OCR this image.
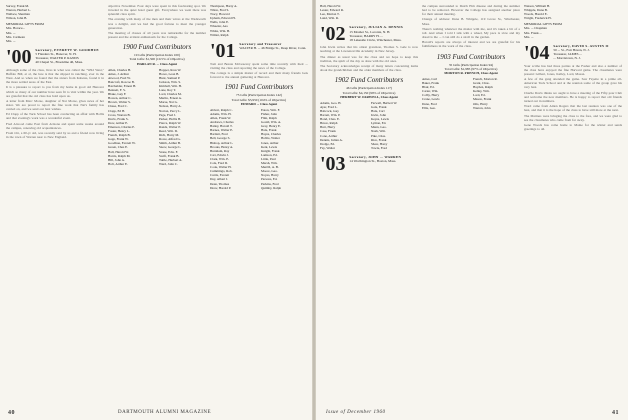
Survey, Frank M.
Warren, Herbert L.
Wallace, Sherman
Wilson, John B.
MEMORIAL GIFTS FROM
Mrs. Horace...
Mrs. ...
Mrs. Carmean
Mrs. ...
'00 Secretary, EVERETT W. GOODHUE
5 Flanders St., Hanover, N. H.
Treasurer, WALTER P. RANDS
40 Chapel St., Brookline 46, Mass.

Although some of the class, lives in what was called the "Wild West," Buffalo Bill, et al, the lure is that the slipped in ranching, ever in the West. And so when we found that the sisters from Kabetes, found it in the more settled areas of the East.

It is a pleasure to report to you from my home in good old Hanover which so many of our number have seen fit to visit within the year. We are grateful that the old class has hold upon us.

A letter from Marc Morse, daughter of Nat Morse, gives news of her sister. We are proud to report the fine work that Nat's family has carried on, and we send our best wishes.

Ed Clapp of the Tuck School has been conducting an affair with Hollis and that evening's work was a wonderful event.

Fred Atwood came East from Arizona and spent some weeks around the campus, renewing old acquaintances.

From Orr, a 60-yr old, was recently said by us and a friend now living in the town of Warren near to New England.

objective November. Four days were spent in this fascinating spot. We traveled in the quiet hotel guest gift. Everywhere we went there was splendid class spirit.

The evening with many of the men and their wives at the Wadsworth was a delight, and we had the good fortune to meet the younger generation.

The meeting of classes of all years was remarkable for the number present and the evident enthusiasm for the College.

1900 Fund Contributors
19 Gifts (Participation Index 100)
Total Gifts: $1,500 (10.5% of Objective)
HARLAN R. ... Class Agent
Allen, Charles H.
Ames, J. Arthur
Atwood, Fred W.
Bancroft, Roscoe B.
Batchelder, Ernest H.
Bennett, F. S.
Blake, Guy F.
Bowen, Arthur C.
Brown, Walter S.
Chase, Fred C.
Clapp, Ed H.
Cross, Warren B.
Davis, Frank S.
Dow, Arthur E.
Emerson, Charles P.
Foster, Henry L.
French, Ralph B.
Gage, Frank W.
Goodhue, Everett W.
Green, Chas E.
Hall, Harold W.
Harris, Ralph M.
Hill, John A.
Holt, Arthur E.
Hopper, Ross W.
Howe, Leon B.
Hunt, Samuel P.
Jackson, Wm. S.
Kimball, Wm. H.
Lane, Roy T.
Lord, Charles M.
Martin, Ernest A.
Morse, Nat G.
Nelson, Harry A.
Norton, Percy L.
Page, Fred J.
Parker, Hollis B.
Pierce, Ralph W.
Rands, Walter P.
Reed, Wm. D.
Rich, Harry M.
Rowe, Alfred G.
Smith, Arthur B.
Snow, George L.
Stone, Edw. F.
Swift, Frank B.
Tuttle, Herbert A.
Ward, John C.
Thompson, Harry A.
Tilton, Fred S.
Tracy, Howard
Upham, Edward H.
Wells, John E.
Wheeler, Asa
White, Wm. B.
Wilder, Ralph
'01 Secretary and Treasurer
WALTER H. ... 46 Bridge St., Deep River, Conn.

Tom and Bessie McGreevey spent some time recently with their ... visiting the class and reporting the news of the College.

The cottage is a simple matter of record and their many friends look forward to the annual gathering at Hanover.

1901 Fund Contributors
75 Gifts (Participation Index 142)
Total Gifts: $5,950 (104% of Objective)
EDWARD ... Class Agent
Abbott, Ralph C.
Adams, Wm. H.
Allen, Frank W.
Andrews, Charles
Bailey, Harold T.
Barnes, Walter E.
Bartlett, Fred
Bell, George S.
Bishop, Arthur L.
Brooks, Henry A.
Burnham, Ray
Carr, Edwin J.
Clark, Wm. E.
Cole, Fred D.
Cook, Walter H.
Cummings, Rob.
Curtis, Everett
Day, Albert J.
Dean, Thomas
Drew, Harold P.
Eaton, Wm. F.
Fisher, John
Flint, Ralph
Gould, Wm. A.
Gray, Henry E.
Hale, Frank
Hayes, Charles
Hobbs, Walter
Jones, Arthur
Kent, Lewis
Knight, Frank
Lamson, Ed.
Little, Paul
Marsh, Wm.
Merrill, A. B.
Moore, Geo.
Noyes, Harry
Parsons, Ed.
Perkins, Fred
Quimby, Ralph
40	DARTMOUTH ALUMNI MAGAZINE
Hall, Harold W.
Lester, Edward R.
Lee, Marion T.
Lund, Wm. R.
'02 Secretary, JULIAN A. DENNIS
15 Mosher St., Laconia, N. H.
Treasurer, HARRY H. ...
18 Lakeside Circle, Winchester, Mass.

John Irwin writes that his oldest grandson, Thomas S. Gale is now teaching at the Lawrenceville Academy in New Jersey.

The dinner as usual was for the class and we hope to keep this tradition, the spirit of the day as done with the old ones.

The Secretary acknowledges receipt of many letters concerning items about the grandchildren and the older members of the class.

1902 Fund Contributors
46 Gifts (Participation Index 117)
Total Gifts: $4,150 (99% of Objective)
HERBERT W. FARWELL, Class Agent
Adams, Geo. H.
Ayer, Fred L.
Babcock, Guy
Barrett, Wm. P.
Bond, Chas. E.
Bruce, Ralph
Burt, Harry
Case, Frank
Cone, Arthur
Dennis, Julian A.
Dodge, Ed.
Fay, Walter
Farwell, Herbert W.
Gale, Frank
Hale, Carl
Irwin, John
Keyes, Lewis
Lyman, Ed.
Mann, Geo.
Nash, Wm.
Pike, Chas.
Rice, Frank
Shaw, Harry
Towle, Fred
'03 Secretary, JOHN ... WARREN
14 Worthington St., Boston, Mass.

the campus surrounded to Dutch Elm disease and during the summer had to be removed. However the College has assigned another place for their annual meeting.

Change of address: Dana B. Whipple, 119 Grove St., Winchester, Mass.

There's nothing whatever the matter with me, and it's taken a bit of a toll. And when I told I talk with a wheel, My pace is slow and my dread is the ... I can still do a stroll in the garden.

Harold's reports are always of interest and we are grateful for his faithfulness in the work of the class.

1903 Fund Contributors
35 Gifts (Participation Index 94)
Total Gifts: $1,985 (97% of Objective)
MORTON R. FRENCH, Class Agent
Ames, Carl
Baker, Frank
Blair, Ed.
Carter, Wm.
Colby, Harry
Crane, Lewis
Dana, Fred
Ellis, Geo.
French, Morton R.
Grant, Chas.
Hayden, Ralph
Kelley, Wm.
Lord, Ed.
Mason, Frank
Otis, Harry
Warren, John
Watson, William H.
Whipple, Dana B.
Woods, Harold E.
Wright, Frederick H.
MEMORIAL GIFTS FROM
Mrs. ... Chapman
Mrs. Frank ...
Mrs. ...
'04 Secretary, DAVID S. AUSTIN II
50 ... St., Fair Haven, N. J.
Treasurer, JAMES ...
... Morristown, N. J.

Your scribe has had three parties at the Fasher and also a number of the class have enjoyed the fine Harvard game. The classmates were present: Gilbert, Jones, Kelley, Lord, Mason.

A few of the gang attended the game. Saw Fayette in a prime all-American Tuck School and at the reunion some of the group gave his very best.

Charlie Davis thinks we ought to have a meeting of the Fifty-year Club and welcome the new members. He is happy to report that old friends turned out in numbers.

Word came from Alden Rogers that the last reunion was one of the best, and that it is the hope of the class to have still more at the next.

The Marines were bringing the class to the fore, and we were glad to see the classmates who came from far away.

Gene Woods has come home to Maine for the winter and sends greetings to all.

Issue of December 1960	41
